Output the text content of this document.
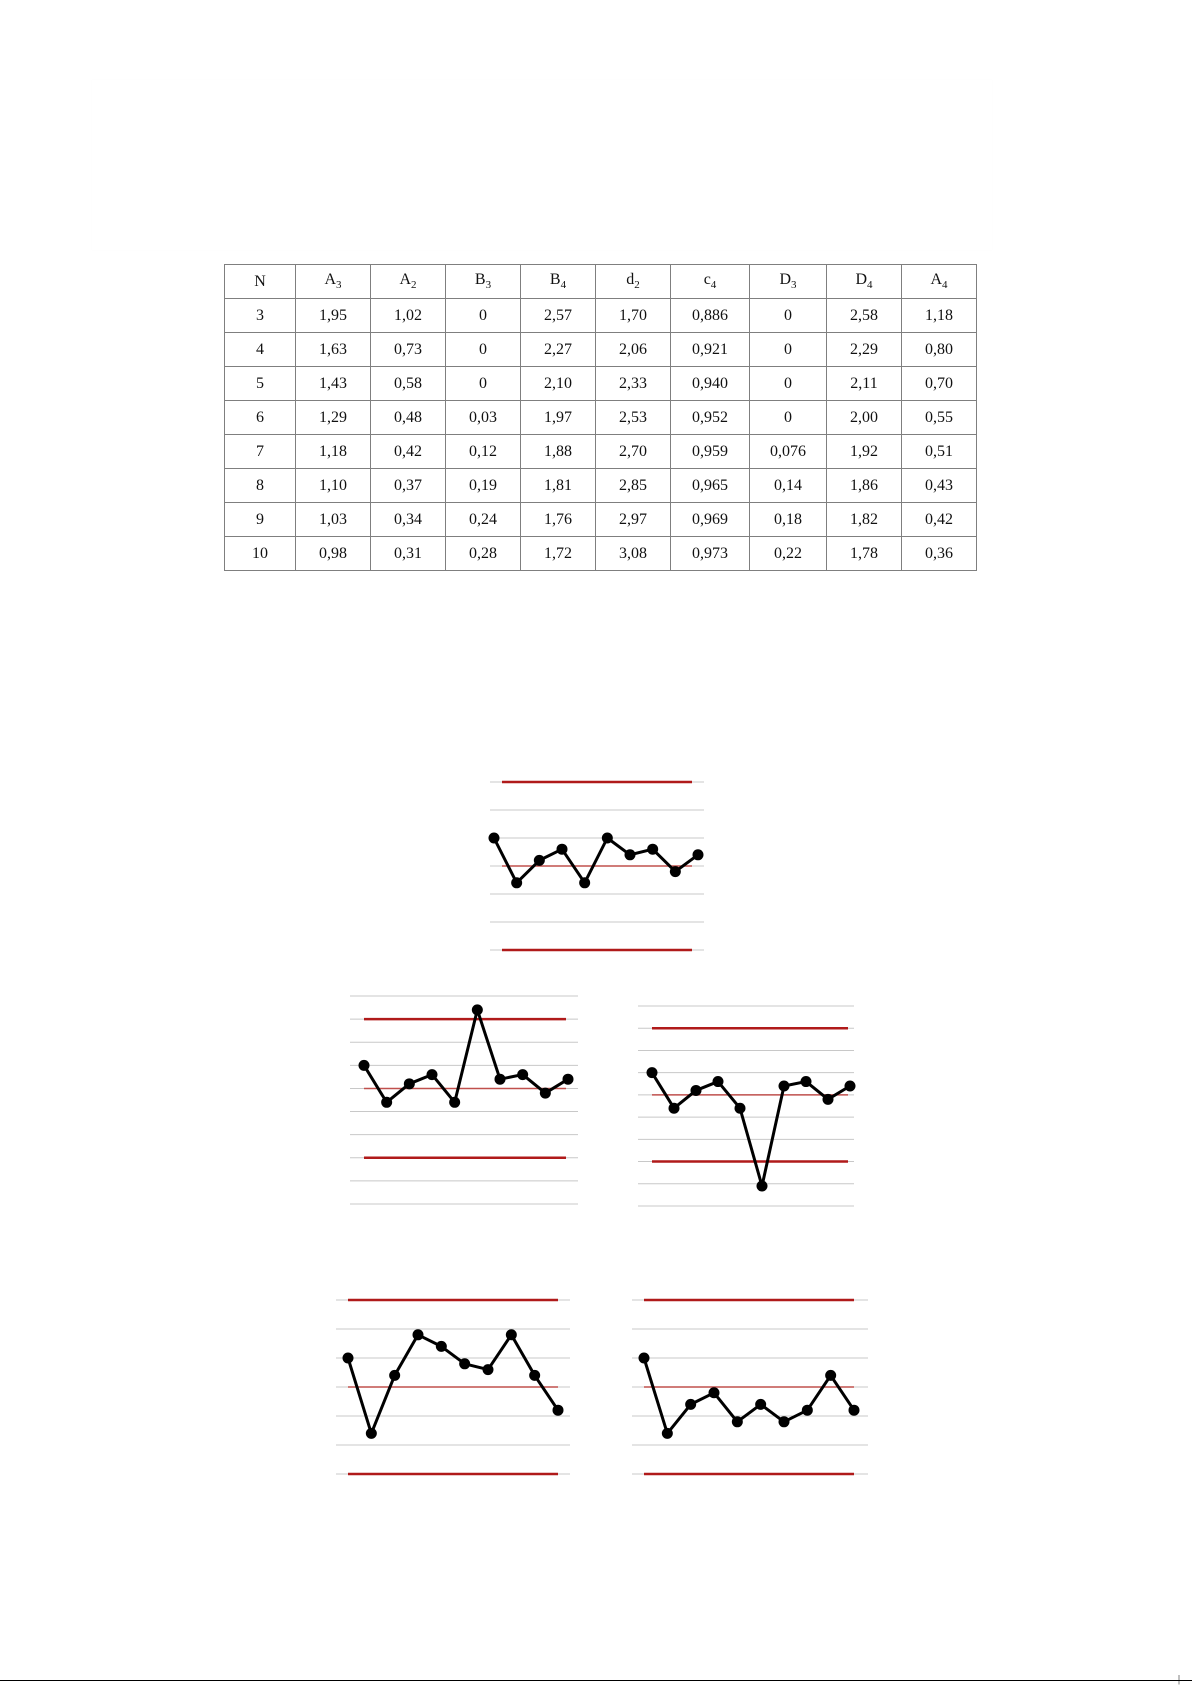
N	$A_3$	$A_2$	$B_3$	$B_4$	$d_2$	$c_4$	$D_3$	$D_4$	$A_4$
3	1,95	1,02	0	2,57	1,70	0,886	0	2,58	1,18
4	1,63	0,73	0	2,27	2,06	0,921	0	2,29	0,80
5	1,43	0,58	0	2,10	2,33	0,940	0	2,11	0,70
6	1,29	0,48	0,03	1,97	2,53	0,952	0	2,00	0,55
7	1,18	0,42	0,12	1,88	2,70	0,959	0,076	1,92	0,51
8	1,10	0,37	0,19	1,81	2,85	0,965	0,14	1,86	0,43
9	1,03	0,34	0,24	1,76	2,97	0,969	0,18	1,82	0,42
10	0,98	0,31	0,28	1,72	3,08	0,973	0,22	1,78	0,36
|
